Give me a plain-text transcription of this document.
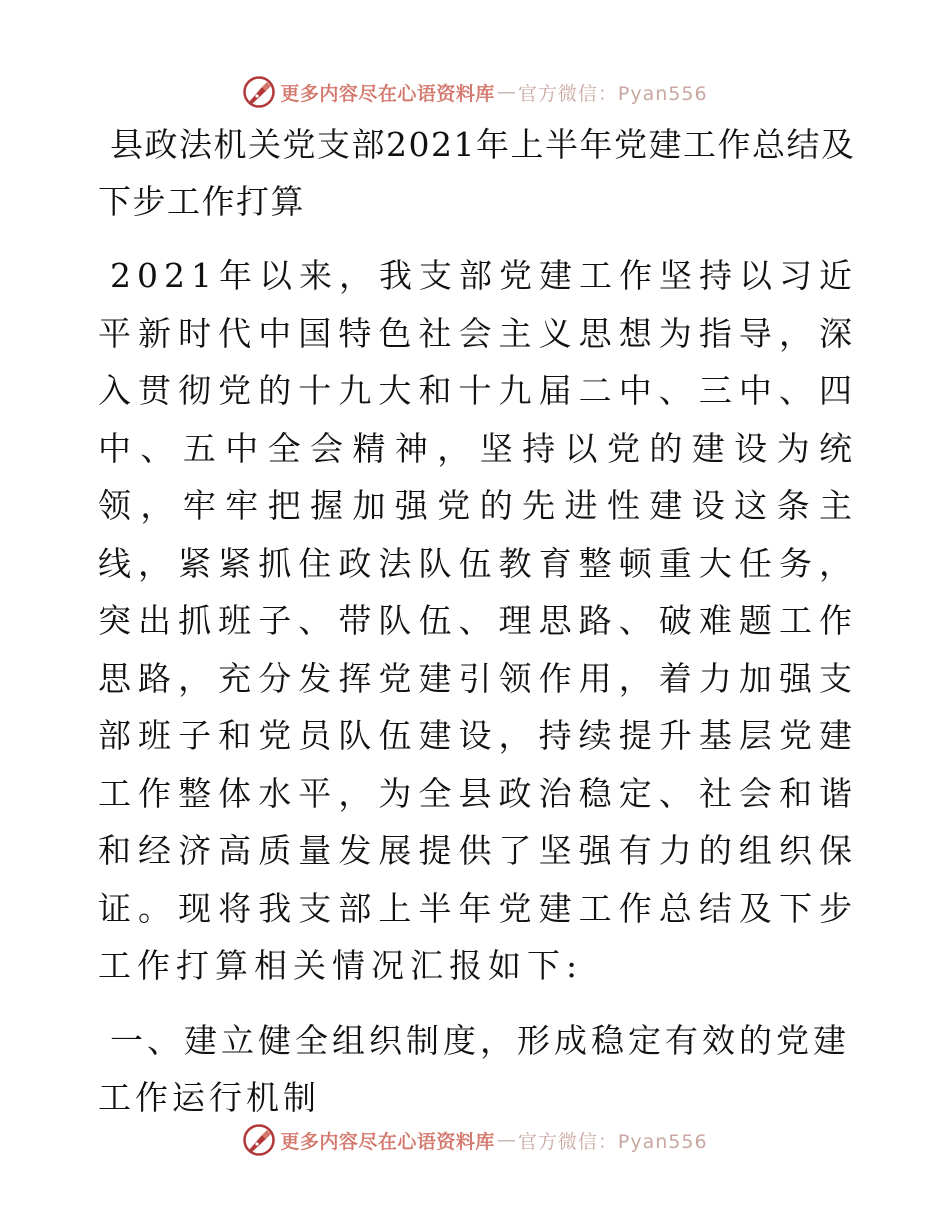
更多内容尽在心语资料库 — 官方微信：Pyan556
县政法机关党支部2021年上半年党建工作总结及下步工作打算

2021年以来，我支部党建工作坚持以习近平新时代中国特色社会主义思想为指导，深入贯彻党的十九大和十九届二中、三中、四中、五中全会精神，坚持以党的建设为统领，牢牢把握加强党的先进性建设这条主线，紧紧抓住政法队伍教育整顿重大任务，突出抓班子、带队伍、理思路、破难题工作思路，充分发挥党建引领作用，着力加强支部班子和党员队伍建设，持续提升基层党建工作整体水平，为全县政治稳定、社会和谐和经济高质量发展提供了坚强有力的组织保证。现将我支部上半年党建工作总结及下步工作打算相关情况汇报如下:

一、建立健全组织制度，形成稳定有效的党建工作运行机制
更多内容尽在心语资料库 — 官方微信：Pyan556
